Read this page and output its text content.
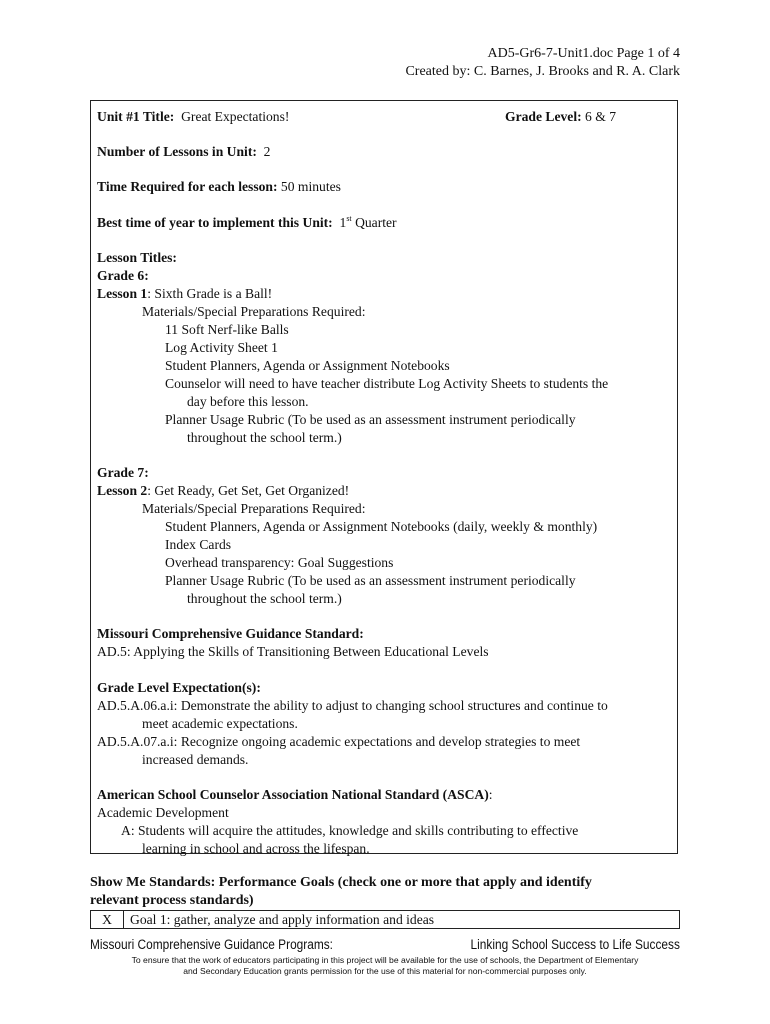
AD5-Gr6-7-Unit1.doc Page 1 of 4
Created by: C. Barnes, J. Brooks and R. A. Clark
Unit #1 Title: Great Expectations!	Grade Level: 6 & 7
Number of Lessons in Unit: 2
Time Required for each lesson: 50 minutes
Best time of year to implement this Unit: 1st Quarter
Lesson Titles:
Grade 6:
Lesson 1: Sixth Grade is a Ball!
Materials/Special Preparations Required:
11 Soft Nerf-like Balls
Log Activity Sheet 1
Student Planners, Agenda or Assignment Notebooks
Counselor will need to have teacher distribute Log Activity Sheets to students the
day before this lesson.
Planner Usage Rubric (To be used as an assessment instrument periodically
throughout the school term.)
Grade 7:
Lesson 2: Get Ready, Get Set, Get Organized!
Materials/Special Preparations Required:
Student Planners, Agenda or Assignment Notebooks (daily, weekly & monthly)
Index Cards
Overhead transparency: Goal Suggestions
Planner Usage Rubric (To be used as an assessment instrument periodically
throughout the school term.)
Missouri Comprehensive Guidance Standard:
AD.5: Applying the Skills of Transitioning Between Educational Levels
Grade Level Expectation(s):
AD.5.A.06.a.i: Demonstrate the ability to adjust to changing school structures and continue to
meet academic expectations.
AD.5.A.07.a.i: Recognize ongoing academic expectations and develop strategies to meet
increased demands.
American School Counselor Association National Standard (ASCA):
Academic Development
A: Students will acquire the attitudes, knowledge and skills contributing to effective
learning in school and across the lifespan.
Show Me Standards: Performance Goals (check one or more that apply and identify
relevant process standards)
X	Goal 1: gather, analyze and apply information and ideas
Missouri Comprehensive Guidance Programs:	Linking School Success to Life Success
To ensure that the work of educators participating in this project will be available for the use of schools, the Department of Elementary
and Secondary Education grants permission for the use of this material for non-commercial purposes only.
